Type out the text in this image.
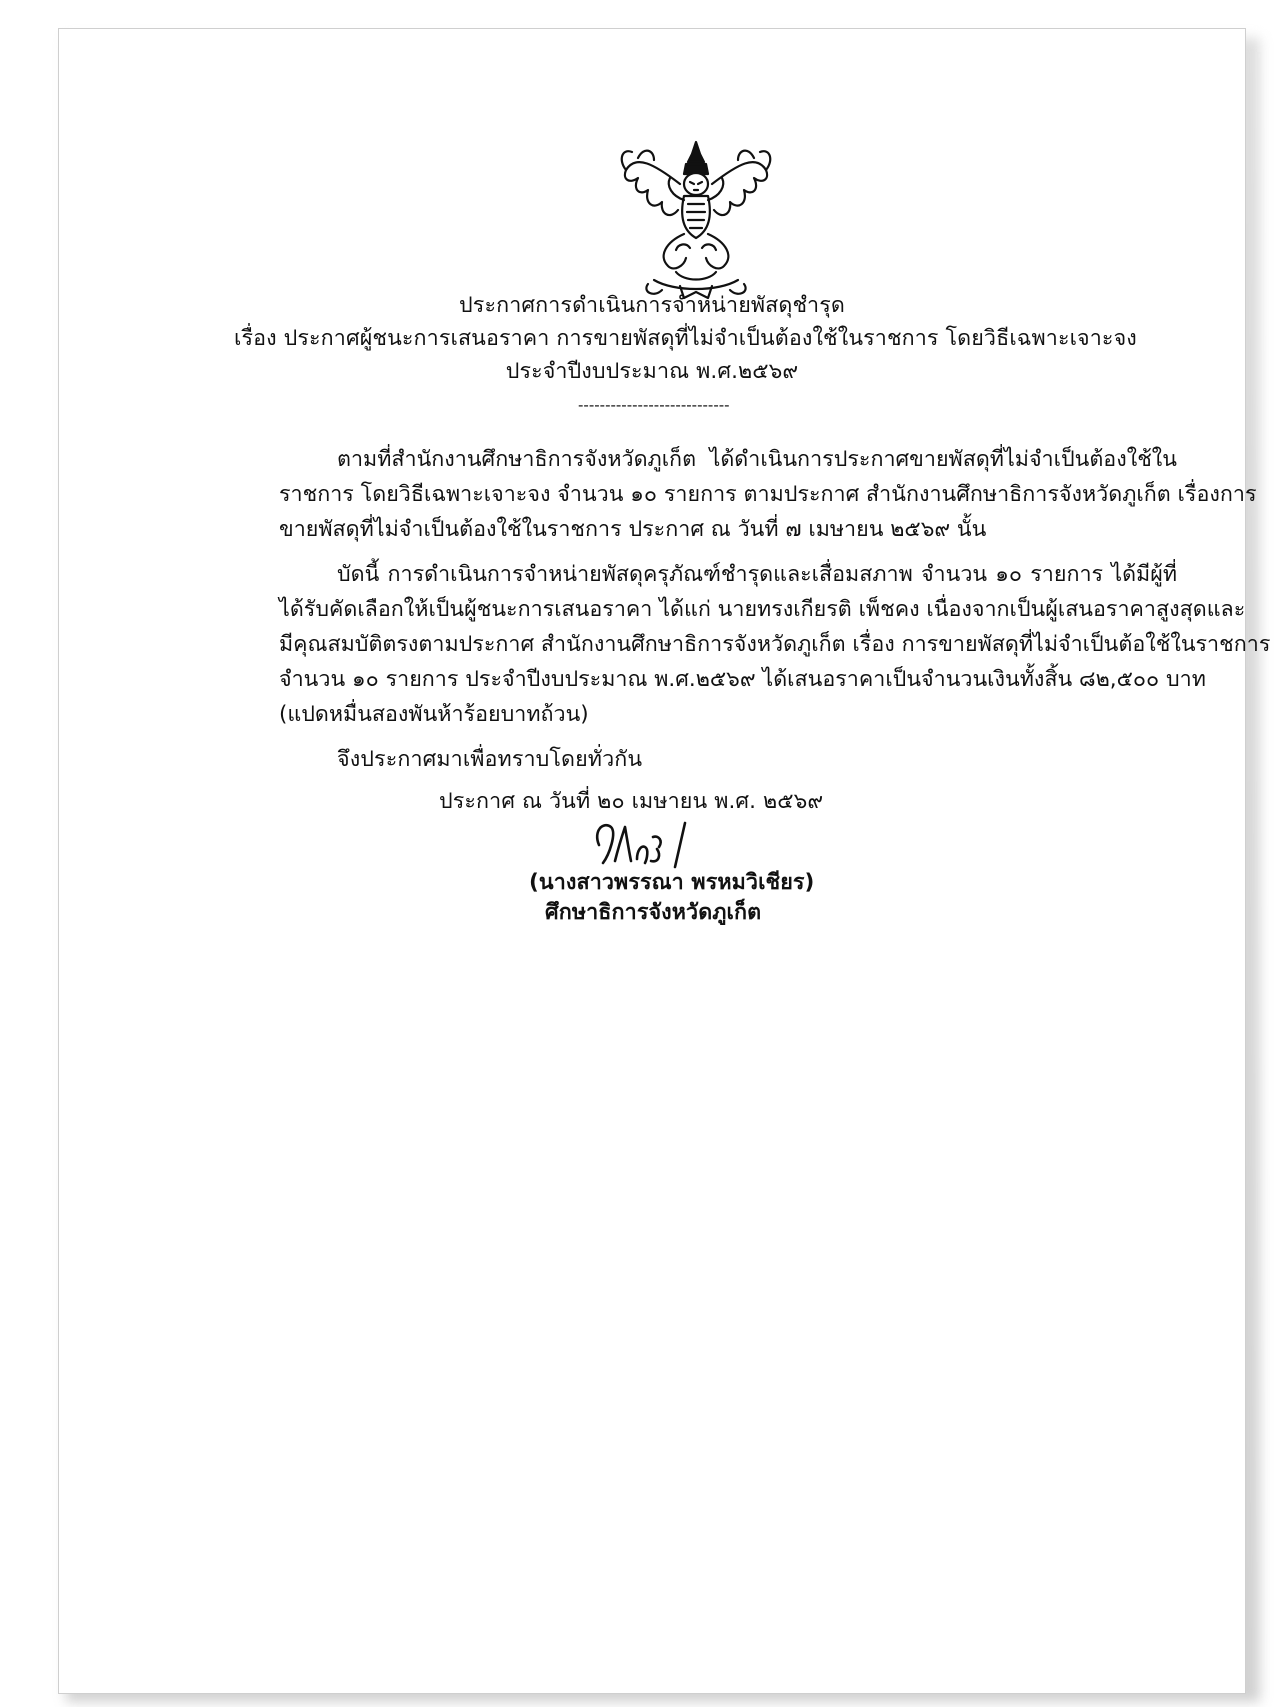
ประกาศการดำเนินการจำหน่ายพัสดุชำรุด
เรื่อง ประกาศผู้ชนะการเสนอราคา การขายพัสดุที่ไม่จำเป็นต้องใช้ในราชการ โดยวิธีเฉพาะเจาะจง
ประจำปีงบประมาณ พ.ศ.๒๕๖๙
----------------------------
ตามที่สำนักงานศึกษาธิการจังหวัดภูเก็ต ได้ดำเนินการประกาศขายพัสดุที่ไม่จำเป็นต้องใช้ใน
ราชการ โดยวิธีเฉพาะเจาะจง จำนวน ๑๐ รายการ ตามประกาศ สำนักงานศึกษาธิการจังหวัดภูเก็ต เรื่องการ
ขายพัสดุที่ไม่จำเป็นต้องใช้ในราชการ ประกาศ ณ วันที่ ๗ เมษายน ๒๕๖๙ นั้น
บัดนี้ การดำเนินการจำหน่ายพัสดุครุภัณฑ์ชำรุดและเสื่อมสภาพ จำนวน ๑๐ รายการ ได้มีผู้ที่
ได้รับคัดเลือกให้เป็นผู้ชนะการเสนอราคา ได้แก่ นายทรงเกียรติ เพ็ชคง เนื่องจากเป็นผู้เสนอราคาสูงสุดและ
มีคุณสมบัติตรงตามประกาศ สำนักงานศึกษาธิการจังหวัดภูเก็ต เรื่อง การขายพัสดุที่ไม่จำเป็นต้อใช้ในราชการ
จำนวน ๑๐ รายการ ประจำปีงบประมาณ พ.ศ.๒๕๖๙ ได้เสนอราคาเป็นจำนวนเงินทั้งสิ้น ๘๒,๕๐๐ บาท
(แปดหมื่นสองพันห้าร้อยบาทถ้วน)
จึงประกาศมาเพื่อทราบโดยทั่วกัน
ประกาศ ณ วันที่ ๒๐ เมษายน พ.ศ. ๒๕๖๙
(นางสาวพรรณา พรหมวิเชียร)
ศึกษาธิการจังหวัดภูเก็ต
